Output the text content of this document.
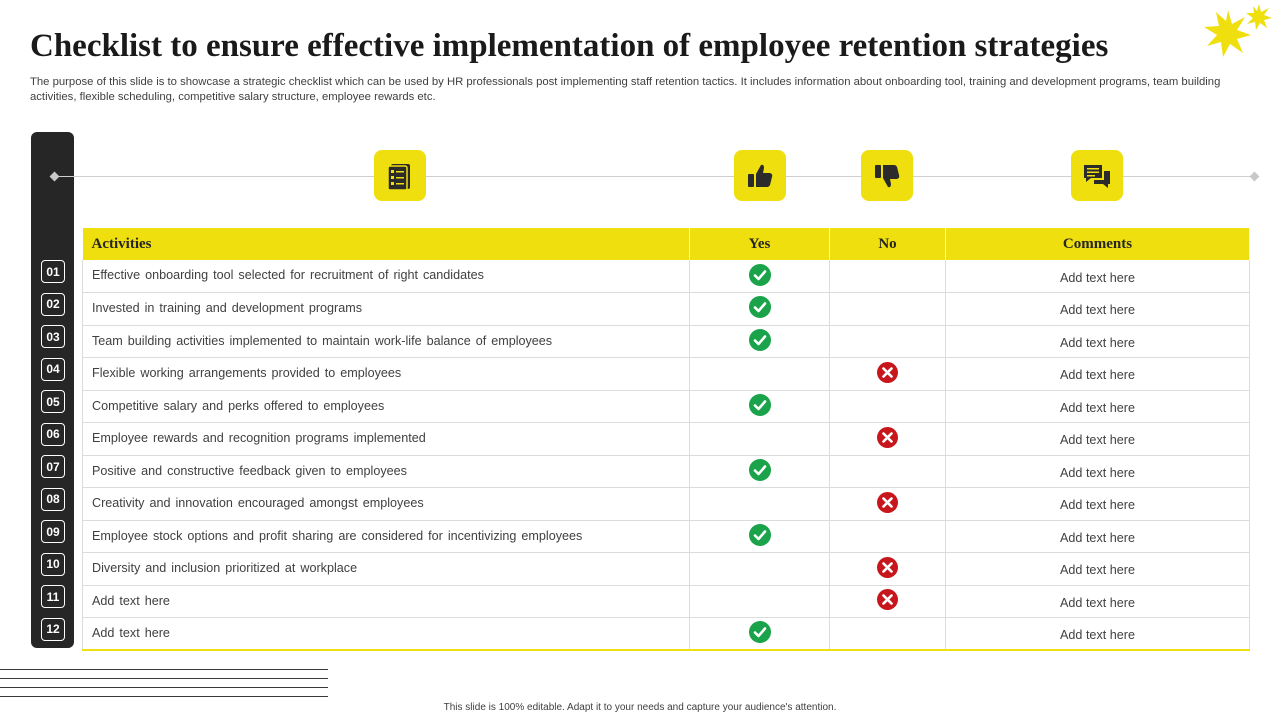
Checklist to ensure effective implementation of employee retention strategies

The purpose of this slide is to showcase a strategic checklist which can be used by HR professionals post implementing staff retention tactics. It includes information about onboarding tool, training and development programs, team building activities, flexible scheduling, competitive salary structure, employee rewards etc.

01
02
03
04
05
06
07
08
09
10
11
12
Activities	Yes	No	Comments
Effective onboarding tool selected for recruitment of right candidates			Add text here
Invested in training and development programs			Add text here
Team building activities implemented to maintain work-life balance of employees			Add text here
Flexible working arrangements provided to employees			Add text here
Competitive salary and perks offered to employees			Add text here
Employee rewards and recognition programs implemented			Add text here
Positive and constructive feedback given to employees			Add text here
Creativity and innovation encouraged amongst employees			Add text here
Employee stock options and profit sharing are considered for incentivizing employees			Add text here
Diversity and inclusion prioritized at workplace			Add text here
Add text here			Add text here
Add text here			Add text here
This slide is 100% editable. Adapt it to your needs and capture your audience's attention.
